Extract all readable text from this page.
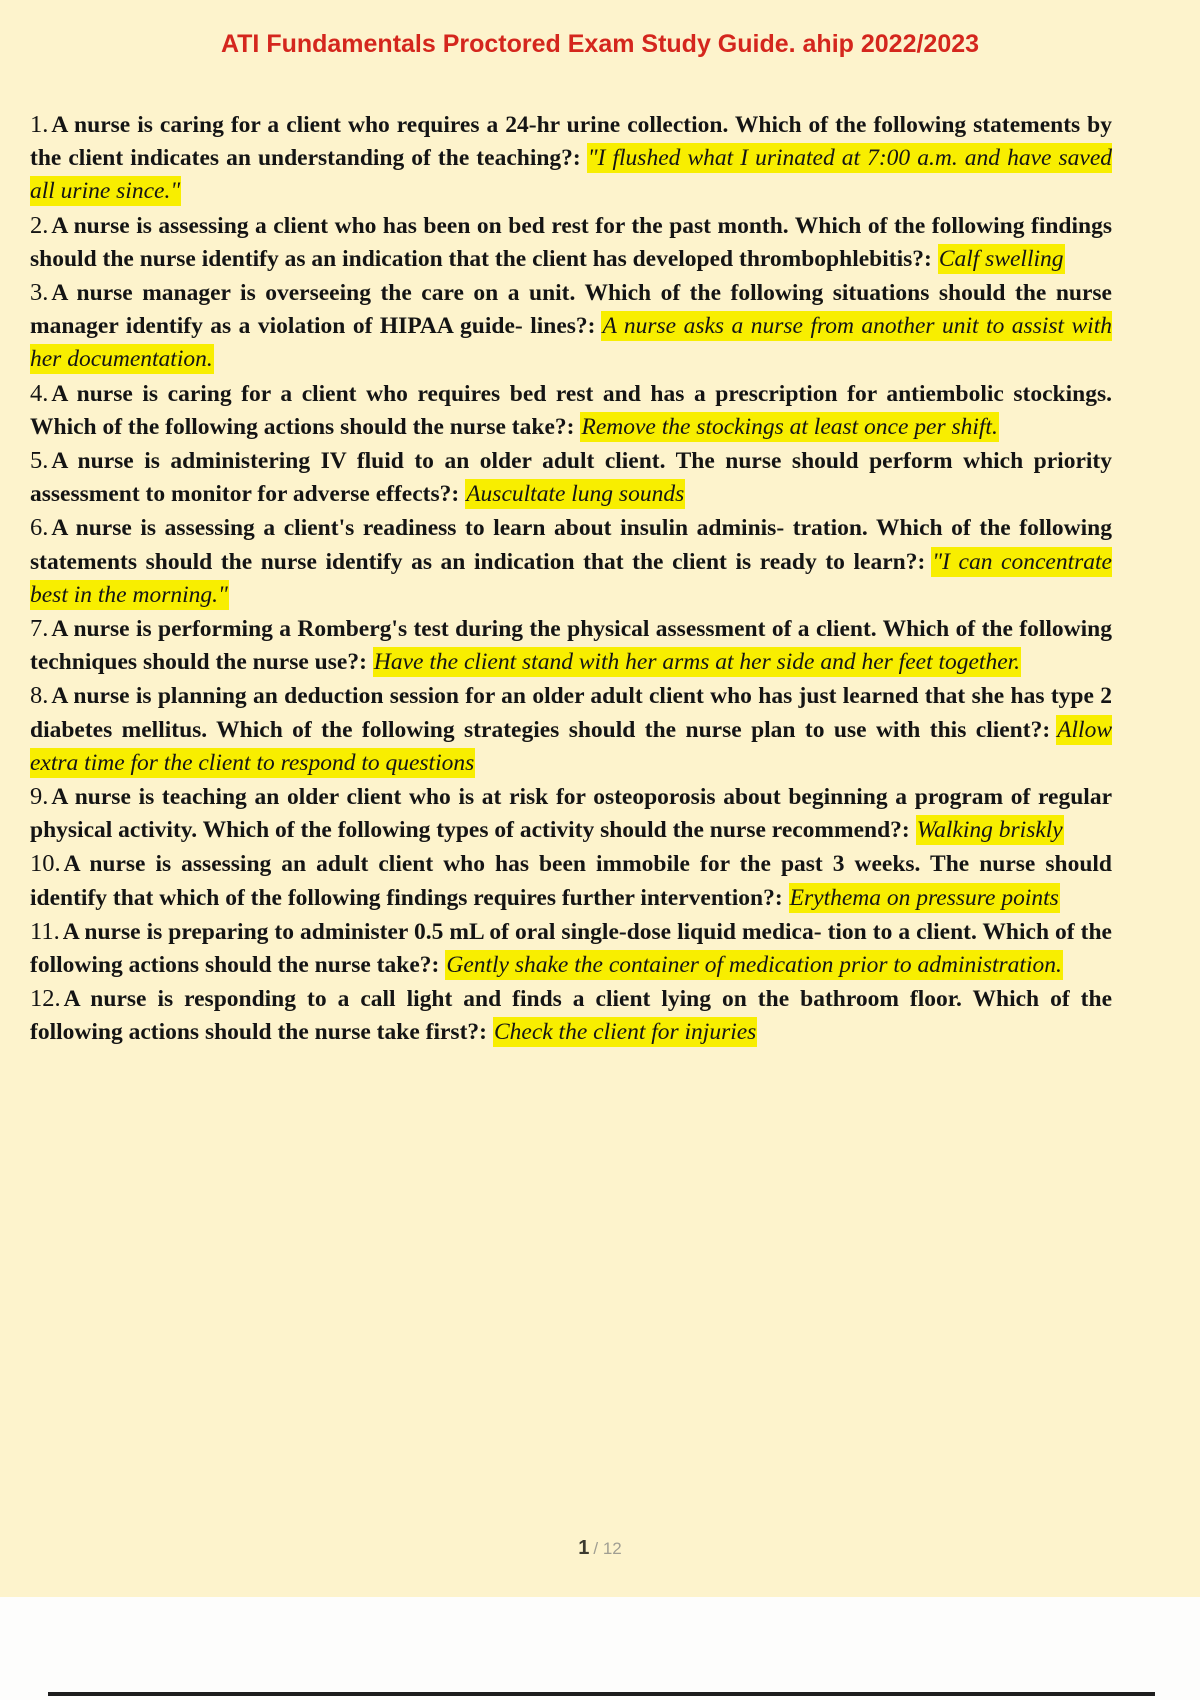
ATI Fundamentals Proctored Exam Study Guide. ahip 2022/2023

1. A nurse is caring for a client who requires a 24-hr urine collection. Which of the following statements by the client indicates an understanding of the teaching?: "I flushed what I urinated at 7:00 a.m. and have saved all urine since."

2. A nurse is assessing a client who has been on bed rest for the past month. Which of the following findings should the nurse identify as an indication that the client has developed thrombophlebitis?: Calf swelling

3. A nurse manager is overseeing the care on a unit. Which of the following situations should the nurse manager identify as a violation of HIPAA guide- lines?: A nurse asks a nurse from another unit to assist with her documentation.

4. A nurse is caring for a client who requires bed rest and has a prescription for antiembolic stockings. Which of the following actions should the nurse take?: Remove the stockings at least once per shift.

5. A nurse is administering IV fluid to an older adult client. The nurse should perform which priority assessment to monitor for adverse effects?: Auscultate lung sounds

6. A nurse is assessing a client's readiness to learn about insulin adminis- tration. Which of the following statements should the nurse identify as an indication that the client is ready to learn?: "I can concentrate best in the morning."

7. A nurse is performing a Romberg's test during the physical assessment of a client. Which of the following techniques should the nurse use?: Have the client stand with her arms at her side and her feet together.

8. A nurse is planning an deduction session for an older adult client who has just learned that she has type 2 diabetes mellitus. Which of the following strategies should the nurse plan to use with this client?: Allow extra time for the client to respond to questions

9. A nurse is teaching an older client who is at risk for osteoporosis about beginning a program of regular physical activity. Which of the following types of activity should the nurse recommend?: Walking briskly

10. A nurse is assessing an adult client who has been immobile for the past 3 weeks. The nurse should identify that which of the following findings requires further intervention?: Erythema on pressure points

11. A nurse is preparing to administer 0.5 mL of oral single-dose liquid medica- tion to a client. Which of the following actions should the nurse take?: Gently shake the container of medication prior to administration.

12. A nurse is responding to a call light and finds a client lying on the bathroom floor. Which of the following actions should the nurse take first?: Check the client for injuries

1 / 12
